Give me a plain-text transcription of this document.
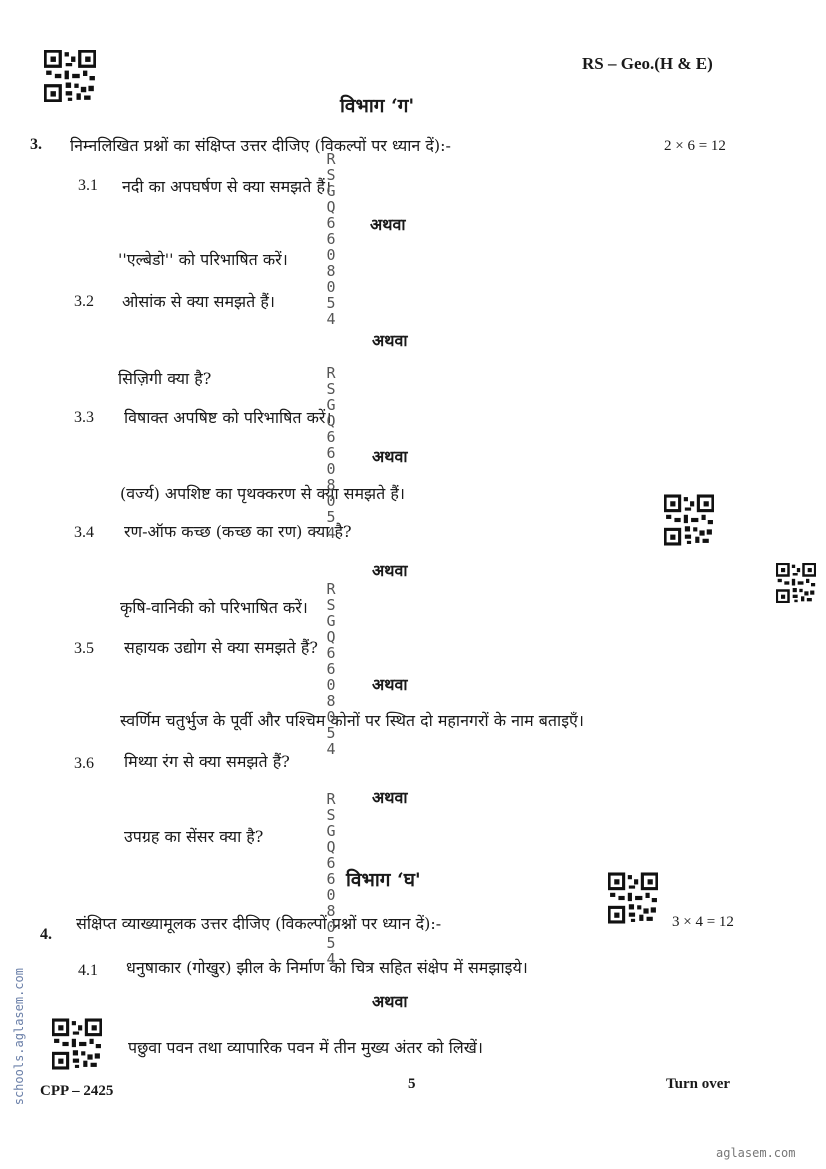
RS – Geo.(H & E)
विभाग ‘ग'
3. निम्नलिखित प्रश्नों का संक्षिप्त उत्तर दीजिए (विकल्पों पर ध्यान दें):-	2 × 6 = 12
3.1 नदी का अपघर्षण से क्या समझते हैं।
अथवा
''एल्बेडो'' को परिभाषित करें।
3.2 ओसांक से क्या समझते हैं।
अथवा
सिज़िगी क्या है?
3.3 विषाक्त अपषिष्ट को परिभाषित करें।
अथवा
(वर्ज्य) अपशिष्ट का पृथक्करण से क्या समझते हैं।
3.4 रण-ऑफ कच्छ (कच्छ का रण) क्या है?
अथवा
कृषि-वानिकी को परिभाषित करें।
3.5 सहायक उद्योग से क्या समझते हैं?
अथवा
स्वर्णिम चतुर्भुज के पूर्वी और पश्चिम कोनों पर स्थित दो महानगरों के नाम बताइएँ।
3.6 मिथ्या रंग से क्या समझते हैं?
अथवा
उपग्रह का सेंसर क्या है?
विभाग ‘घ'
4.
संक्षिप्त व्याख्यामूलक उत्तर दीजिए (विकल्पों प्रश्नों पर ध्यान दें):-	3 × 4 = 12
4.1 धनुषाकार (गोखुर) झील के निर्माण को चित्र सहित संक्षेप में समझाइये।
अथवा
पछुवा पवन तथा व्यापारिक पवन में तीन मुख्य अंतर को लिखें।
CPP – 2425	5	Turn over
RSGQ6608054
RSGQ6608054
RSGQ6608054
RSGQ6608054
schools.aglasem.com
aglasem.com
